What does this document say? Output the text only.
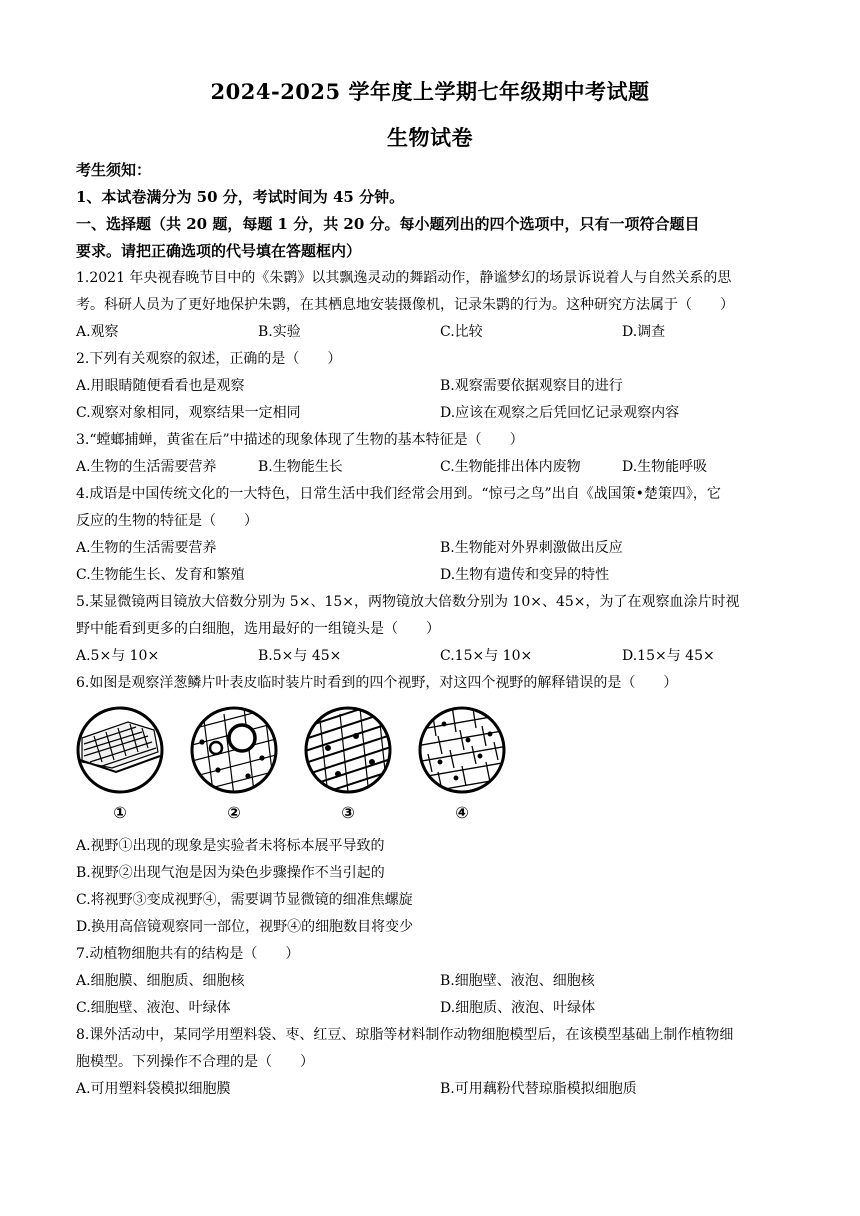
2024-2025 学年度上学期七年级期中考试题
生物试卷
考生须知：
1、本试卷满分为 50 分，考试时间为 45 分钟。
一、选择题（共 20 题，每题 1 分，共 20 分。每小题列出的四个选项中，只有一项符合题目
要求。请把正确选项的代号填在答题框内）
1.2021 年央视春晚节目中的《朱鹮》以其飘逸灵动的舞蹈动作，静谧梦幻的场景诉说着人与自然关系的思
考。科研人员为了更好地保护朱鹮，在其栖息地安装摄像机，记录朱鹮的行为。这种研究方法属于（　　）
A.观察	B.实验	C.比较	D.调查
2.下列有关观察的叙述，正确的是（　　）
A.用眼睛随便看看也是观察	B.观察需要依据观察目的进行
C.观察对象相同，观察结果一定相同	D.应该在观察之后凭回忆记录观察内容
3.“螳螂捕蝉，黄雀在后”中描述的现象体现了生物的基本特征是（　　）
A.生物的生活需要营养	B.生物能生长	C.生物能排出体内废物	D.生物能呼吸
4.成语是中国传统文化的一大特色，日常生活中我们经常会用到。“惊弓之鸟”出自《战国策•楚策四》，它
反应的生物的特征是（　　）
A.生物的生活需要营养	B.生物能对外界刺激做出反应
C.生物能生长、发育和繁殖	D.生物有遗传和变异的特性
5.某显微镜两目镜放大倍数分别为 5×、15×，两物镜放大倍数分别为 10×、45×，为了在观察血涂片时视
野中能看到更多的白细胞，选用最好的一组镜头是（　　）
A.5×与 10×	B.5×与 45×	C.15×与 10×	D.15×与 45×
6.如图是观察洋葱鳞片叶表皮临时装片时看到的四个视野，对这四个视野的解释错误的是（　　）
①	②	③	④
A.视野①出现的现象是实验者未将标本展平导致的
B.视野②出现气泡是因为染色步骤操作不当引起的
C.将视野③变成视野④，需要调节显微镜的细准焦螺旋
D.换用高倍镜观察同一部位，视野④的细胞数目将变少
7.动植物细胞共有的结构是（　　）
A.细胞膜、细胞质、细胞核	B.细胞壁、液泡、细胞核
C.细胞壁、液泡、叶绿体	D.细胞质、液泡、叶绿体
8.课外活动中，某同学用塑料袋、枣、红豆、琼脂等材料制作动物细胞模型后，在该模型基础上制作植物细
胞模型。下列操作不合理的是（　　）
A.可用塑料袋模拟细胞膜	B.可用藕粉代替琼脂模拟细胞质
